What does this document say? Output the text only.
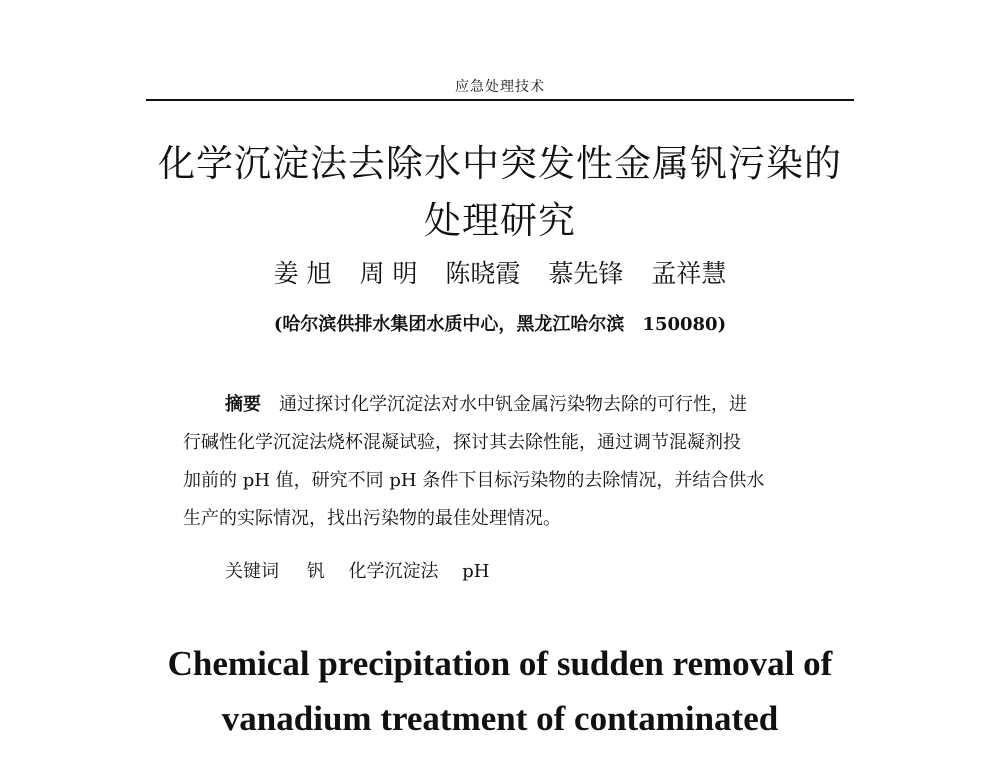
应急处理技术
化学沉淀法去除水中突发性金属钒污染的
处理研究
姜 旭 周 明 陈晓霞 慕先锋 孟祥慧
(哈尔滨供排水集团水质中心，黑龙江哈尔滨 150080)
摘要 通过探讨化学沉淀法对水中钒金属污染物去除的可行性，进
行碱性化学沉淀法烧杯混凝试验，探讨其去除性能，通过调节混凝剂投
加前的 pH 值，研究不同 pH 条件下目标污染物的去除情况，并结合供水
生产的实际情况，找出污染物的最佳处理情况。
关键词 钒 化学沉淀法 pH
Chemical precipitation of sudden removal of
vanadium treatment of contaminated
